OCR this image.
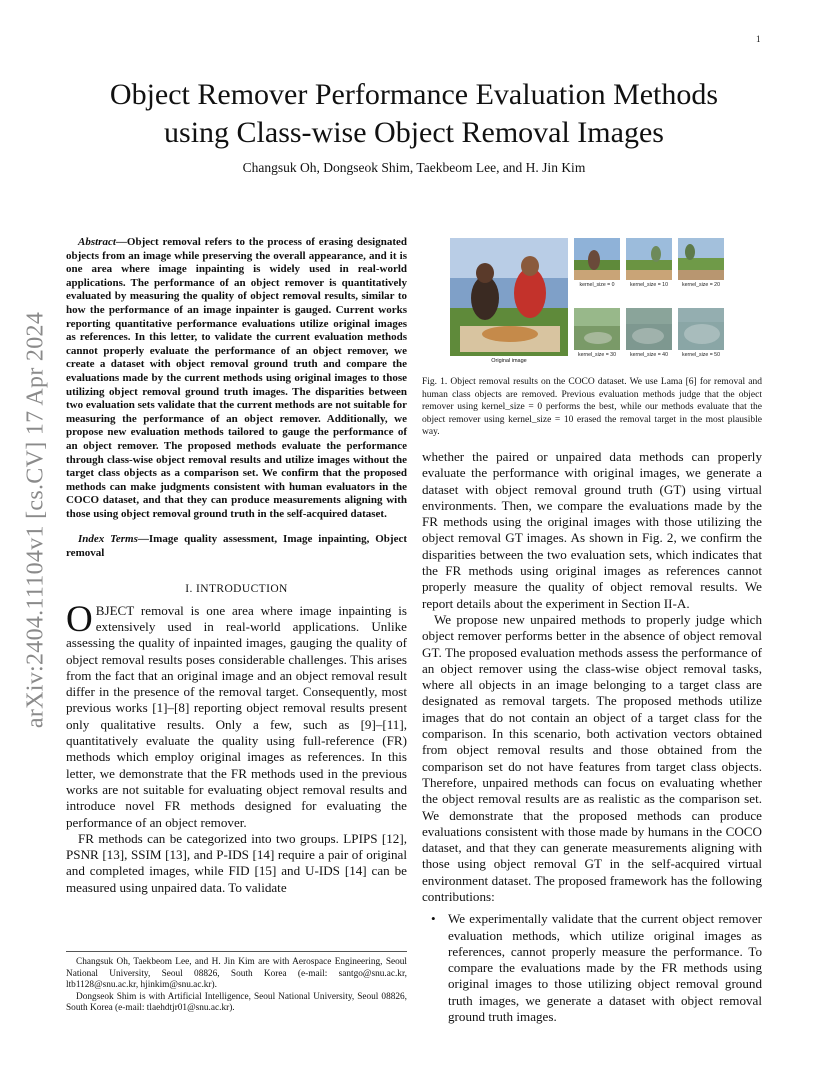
1
arXiv:2404.11104v1 [cs.CV] 17 Apr 2024
Object Remover Performance Evaluation Methods
using Class-wise Object Removal Images
Changsuk Oh, Dongseok Shim, Taekbeom Lee, and H. Jin Kim

Abstract—Object removal refers to the process of erasing designated objects from an image while preserving the overall appearance, and it is one area where image inpainting is widely used in real-world applications. The performance of an object remover is quantitatively evaluated by measuring the quality of object removal results, similar to how the performance of an image inpainter is gauged. Current works reporting quantitative performance evaluations utilize original images as references. In this letter, to validate the current evaluation methods cannot properly evaluate the performance of an object remover, we create a dataset with object removal ground truth and compare the evaluations made by the current methods using original images to those utilizing object removal ground truth images. The disparities between two evaluation sets validate that the current methods are not suitable for measuring the performance of an object remover. Additionally, we propose new evaluation methods tailored to gauge the performance of an object remover. The proposed methods evaluate the performance through class-wise object removal results and utilize images without the target class objects as a comparison set. We confirm that the proposed methods can make judgments consistent with human evaluators in the COCO dataset, and that they can produce measurements aligning with those using object removal ground truth in the self-acquired dataset.

Index Terms—Image quality assessment, Image inpainting, Object removal

I. INTRODUCTION

OBJECT removal is one area where image inpainting is extensively used in real-world applications. Unlike assessing the quality of inpainted images, gauging the quality of object removal results poses considerable challenges. This arises from the fact that an original image and an object removal result differ in the presence of the removal target. Consequently, most previous works [1]–[8] reporting object removal results present only qualitative results. Only a few, such as [9]–[11], quantitatively evaluate the quality using full-reference (FR) methods which employ original images as references. In this letter, we demonstrate that the FR methods used in the previous works are not suitable for evaluating object removal results and introduce novel FR methods designed for evaluating the performance of an object remover.

FR methods can be categorized into two groups. LPIPS [12], PSNR [13], SSIM [13], and P-IDS [14] require a pair of original and completed images, while FID [15] and U-IDS [14] can be measured using unpaired data. To validate

Changsuk Oh, Taekbeom Lee, and H. Jin Kim are with Aerospace Engineering, Seoul National University, Seoul 08826, South Korea (e-mail: santgo@snu.ac.kr, ltb1128@snu.ac.kr, hjinkim@snu.ac.kr).

Dongseok Shim is with Artificial Intelligence, Seoul National University, Seoul 08826, South Korea (e-mail: tlaehdtjr01@snu.ac.kr).

Original image
kernel_size = 0	kernel_size = 10	kernel_size = 20
kernel_size = 30	kernel_size = 40	kernel_size = 50

Fig. 1. Object removal results on the COCO dataset. We use Lama [6] for removal and human class objects are removed. Previous evaluation methods judge that the object remover using kernel_size = 0 performs the best, while our methods evaluate that the object remover using kernel_size = 10 erased the removal target in the most plausible way.

whether the paired or unpaired data methods can properly evaluate the performance with original images, we generate a dataset with object removal ground truth (GT) using virtual environments. Then, we compare the evaluations made by the FR methods using the original images with those utilizing the object removal GT images. As shown in Fig. 2, we confirm the disparities between the two evaluation sets, which indicates that the FR methods using original images as references cannot properly measure the quality of object removal results. We report details about the experiment in Section II-A.

We propose new unpaired methods to properly judge which object remover performs better in the absence of object removal GT. The proposed evaluation methods assess the performance of an object remover using the class-wise object removal tasks, where all objects in an image belonging to a target class are designated as removal targets. The proposed methods utilize images that do not contain an object of a target class for the comparison. In this scenario, both activation vectors obtained from object removal results and those obtained from the comparison set do not have features from target class objects. Therefore, unpaired methods can focus on evaluating whether the object removal results are as realistic as the comparison set. We demonstrate that the proposed methods can produce evaluations consistent with those made by humans in the COCO dataset, and that they can generate measurements aligning with those using object removal GT in the self-acquired virtual environment dataset. The proposed framework has the following contributions:

• We experimentally validate that the current object remover evaluation methods, which utilize original images as references, cannot properly measure the performance. To compare the evaluations made by the FR methods using original images to those utilizing object removal ground truth images, we generate a dataset with object removal ground truth images.
